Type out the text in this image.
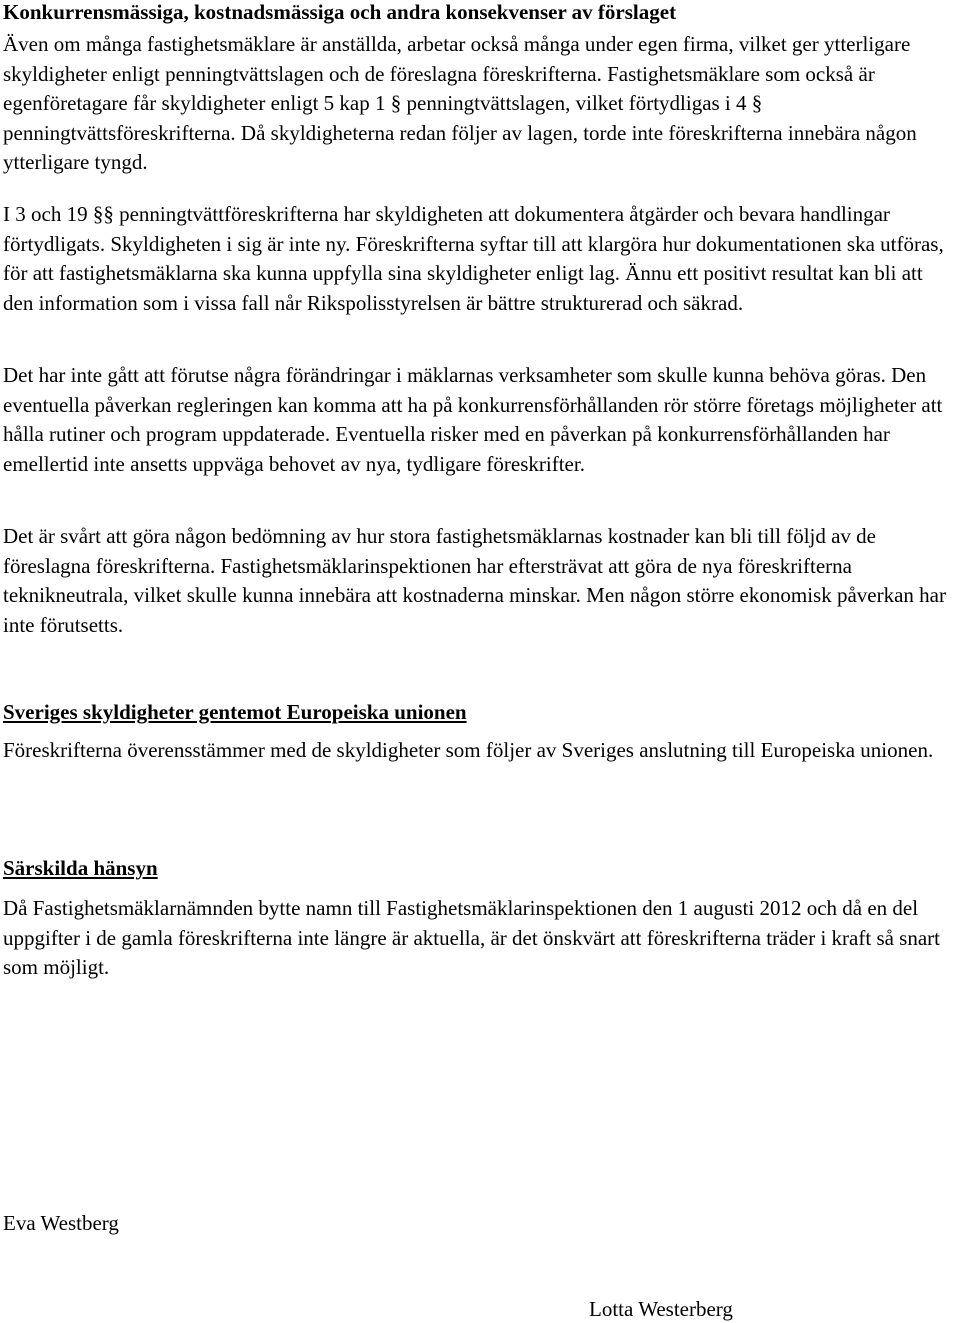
Konkurrensmässiga, kostnadsmässiga och andra konsekvenser av förslaget

Även om många fastighetsmäklare är anställda, arbetar också många under egen firma, vilket ger ytterligare skyldigheter enligt penningtvättslagen och de föreslagna föreskrifterna. Fastighetsmäklare som också är egenföretagare får skyldigheter enligt 5 kap 1 § penningtvättslagen, vilket förtydligas i 4 § penningtvättsföreskrifterna. Då skyldigheterna redan följer av lagen, torde inte föreskrifterna innebära någon ytterligare tyngd.

I 3 och 19 §§ penningtvättföreskrifterna har skyldigheten att dokumentera åtgärder och bevara handlingar förtydligats. Skyldigheten i sig är inte ny. Föreskrifterna syftar till att klargöra hur dokumentationen ska utföras, för att fastighetsmäklarna ska kunna uppfylla sina skyldigheter enligt lag. Ännu ett positivt resultat kan bli att den information som i vissa fall når Rikspolisstyrelsen är bättre strukturerad och säkrad.

Det har inte gått att förutse några förändringar i mäklarnas verksamheter som skulle kunna behöva göras. Den eventuella påverkan regleringen kan komma att ha på konkurrensförhållanden rör större företags möjligheter att hålla rutiner och program uppdaterade. Eventuella risker med en påverkan på konkurrensförhållanden har emellertid inte ansetts uppväga behovet av nya, tydligare föreskrifter.

Det är svårt att göra någon bedömning av hur stora fastighetsmäklarnas kostnader kan bli till följd av de föreslagna föreskrifterna. Fastighetsmäklarinspektionen har eftersträvat att göra de nya föreskrifterna teknikneutrala, vilket skulle kunna innebära att kostnaderna minskar. Men någon större ekonomisk påverkan har inte förutsetts.

Sveriges skyldigheter gentemot Europeiska unionen

Föreskrifterna överensstämmer med de skyldigheter som följer av Sveriges anslutning till Europeiska unionen.

Särskilda hänsyn

Då Fastighetsmäklarnämnden bytte namn till Fastighetsmäklarinspektionen den 1 augusti 2012 och då en del uppgifter i de gamla föreskrifterna inte längre är aktuella, är det önskvärt att föreskrifterna träder i kraft så snart som möjligt.

Eva Westberg

Lotta Westerberg
